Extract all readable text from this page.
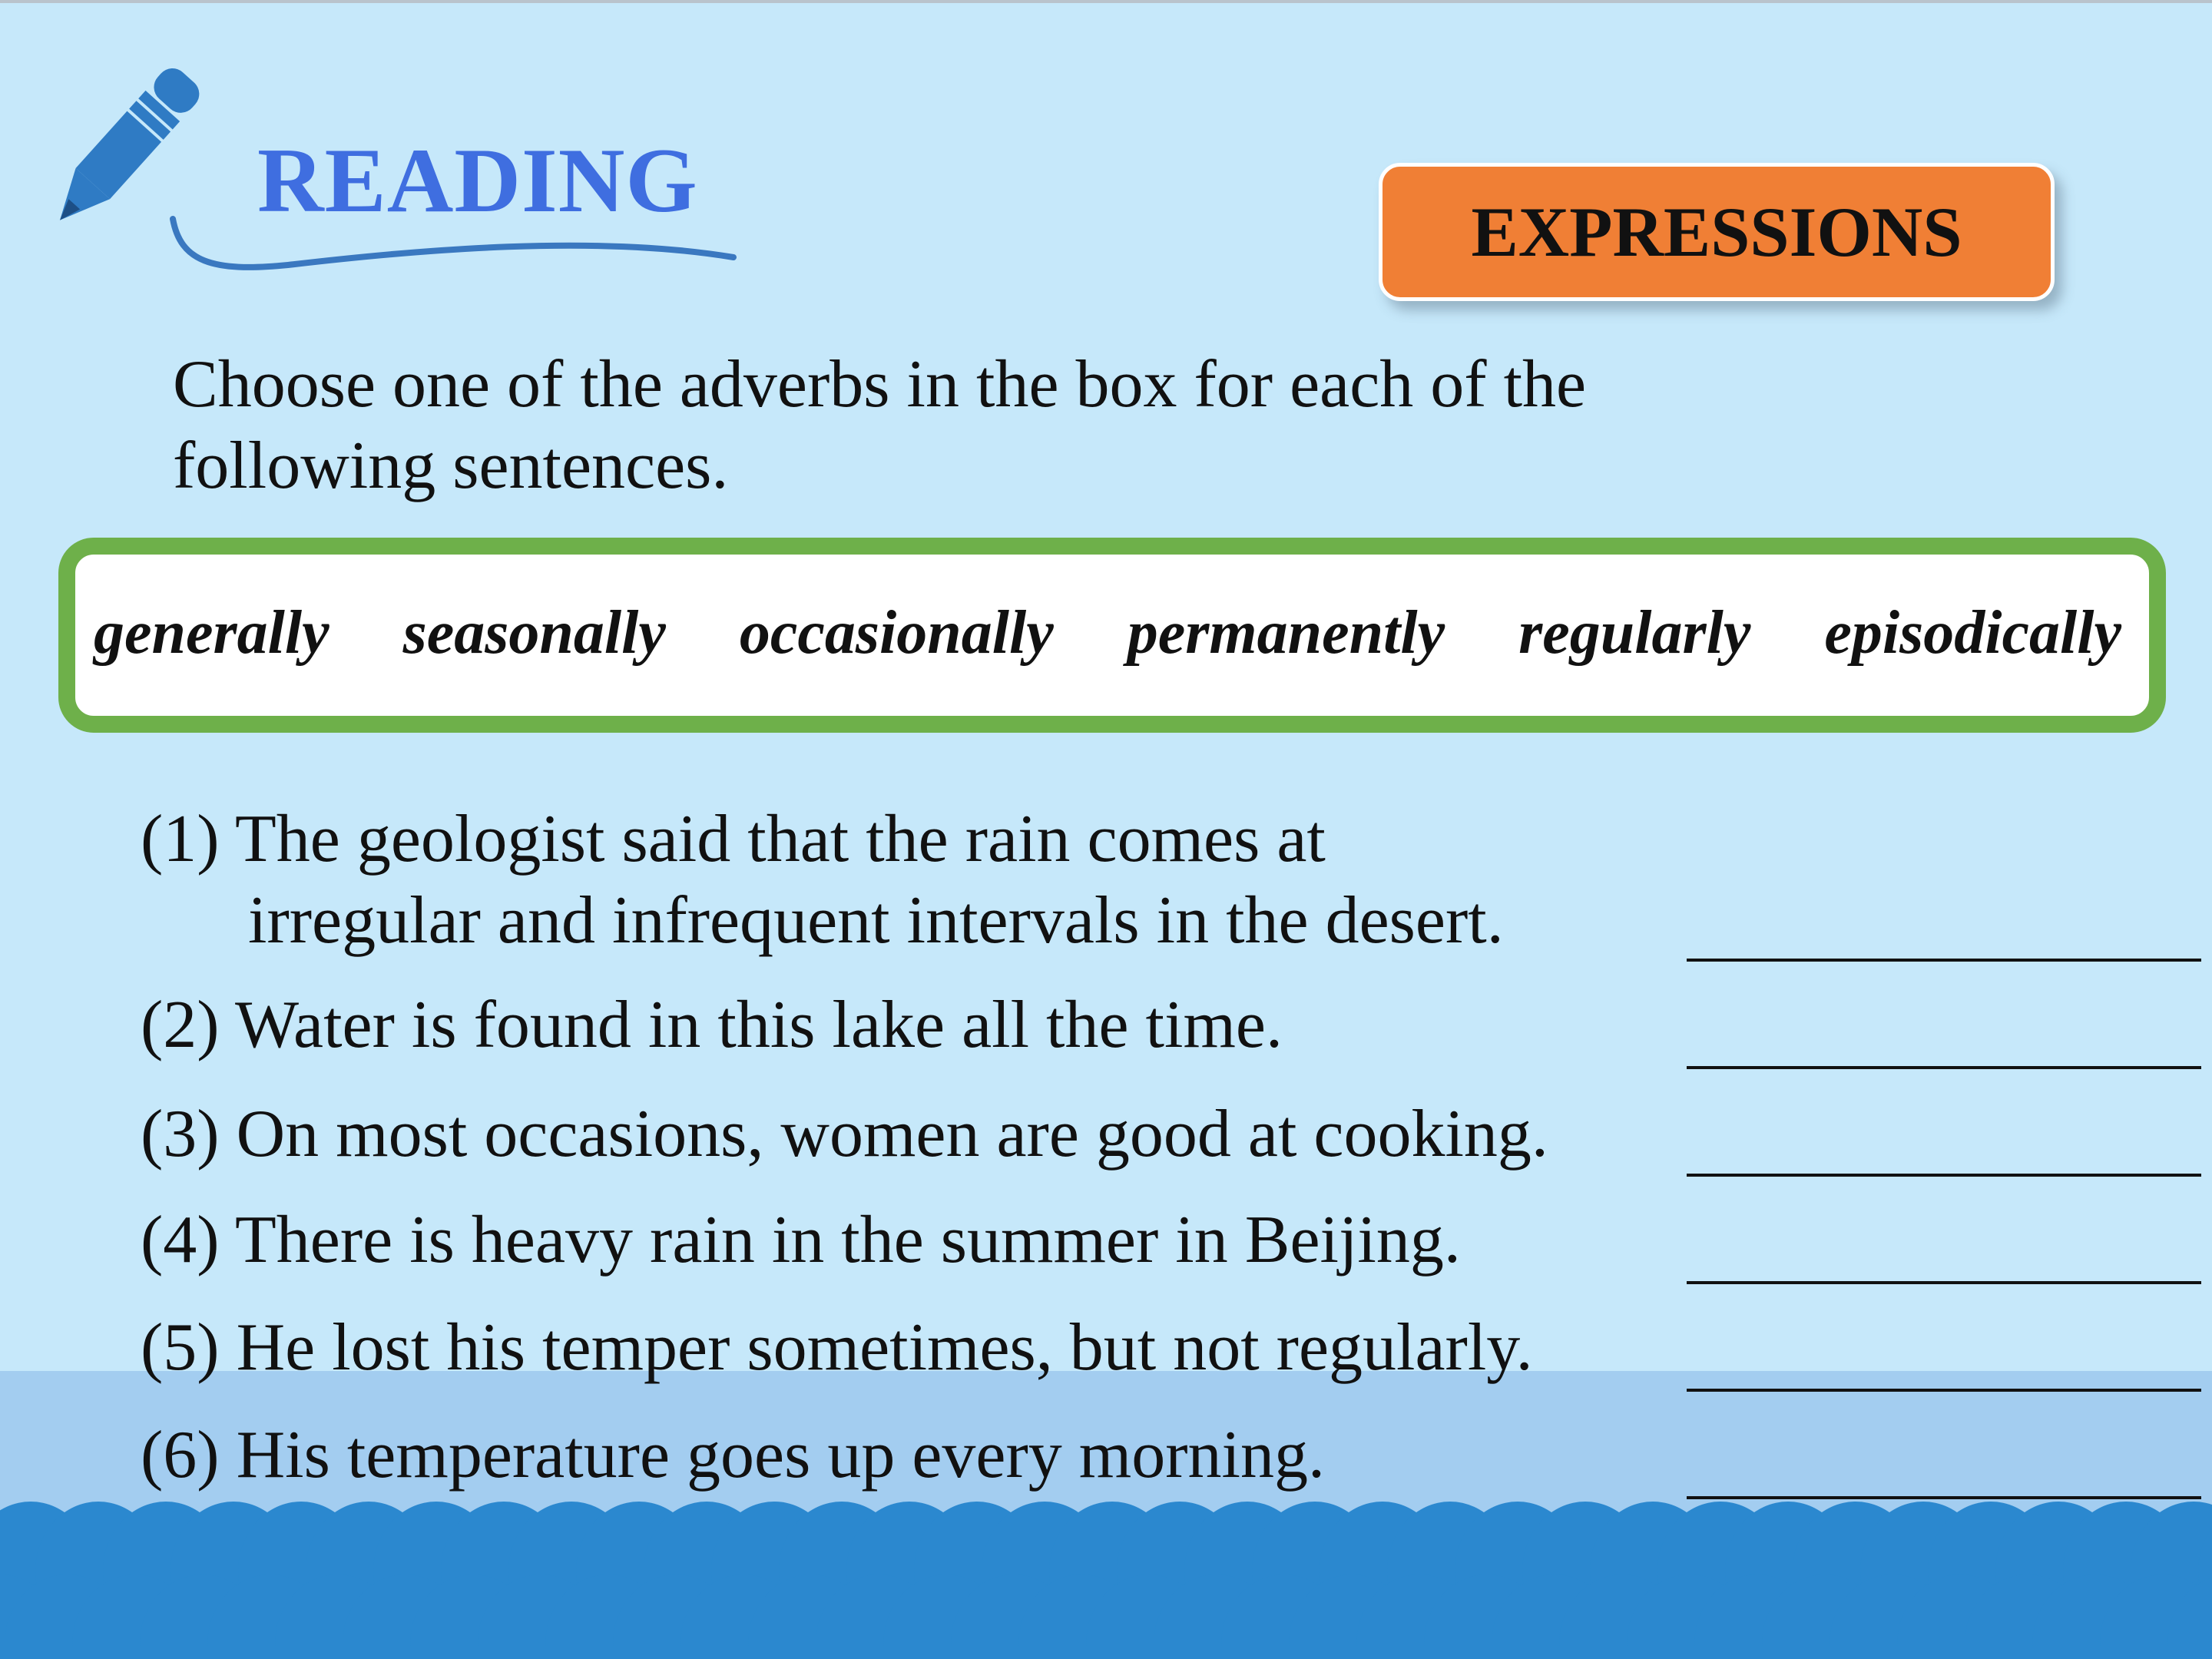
READING
EXPRESSIONS
Choose one of the adverbs in the box for each of the
following sentences.
generally seasonally occasionally permanently regularly episodically
(1) The geologist said that the rain comes at
irregular and infrequent intervals in the desert.
(2) Water is found in this lake all the time.
(3) On most occasions, women are good at cooking.
(4) There is heavy rain in the summer in Beijing.
(5) He lost his temper sometimes, but not regularly.
(6) His temperature goes up every morning.
